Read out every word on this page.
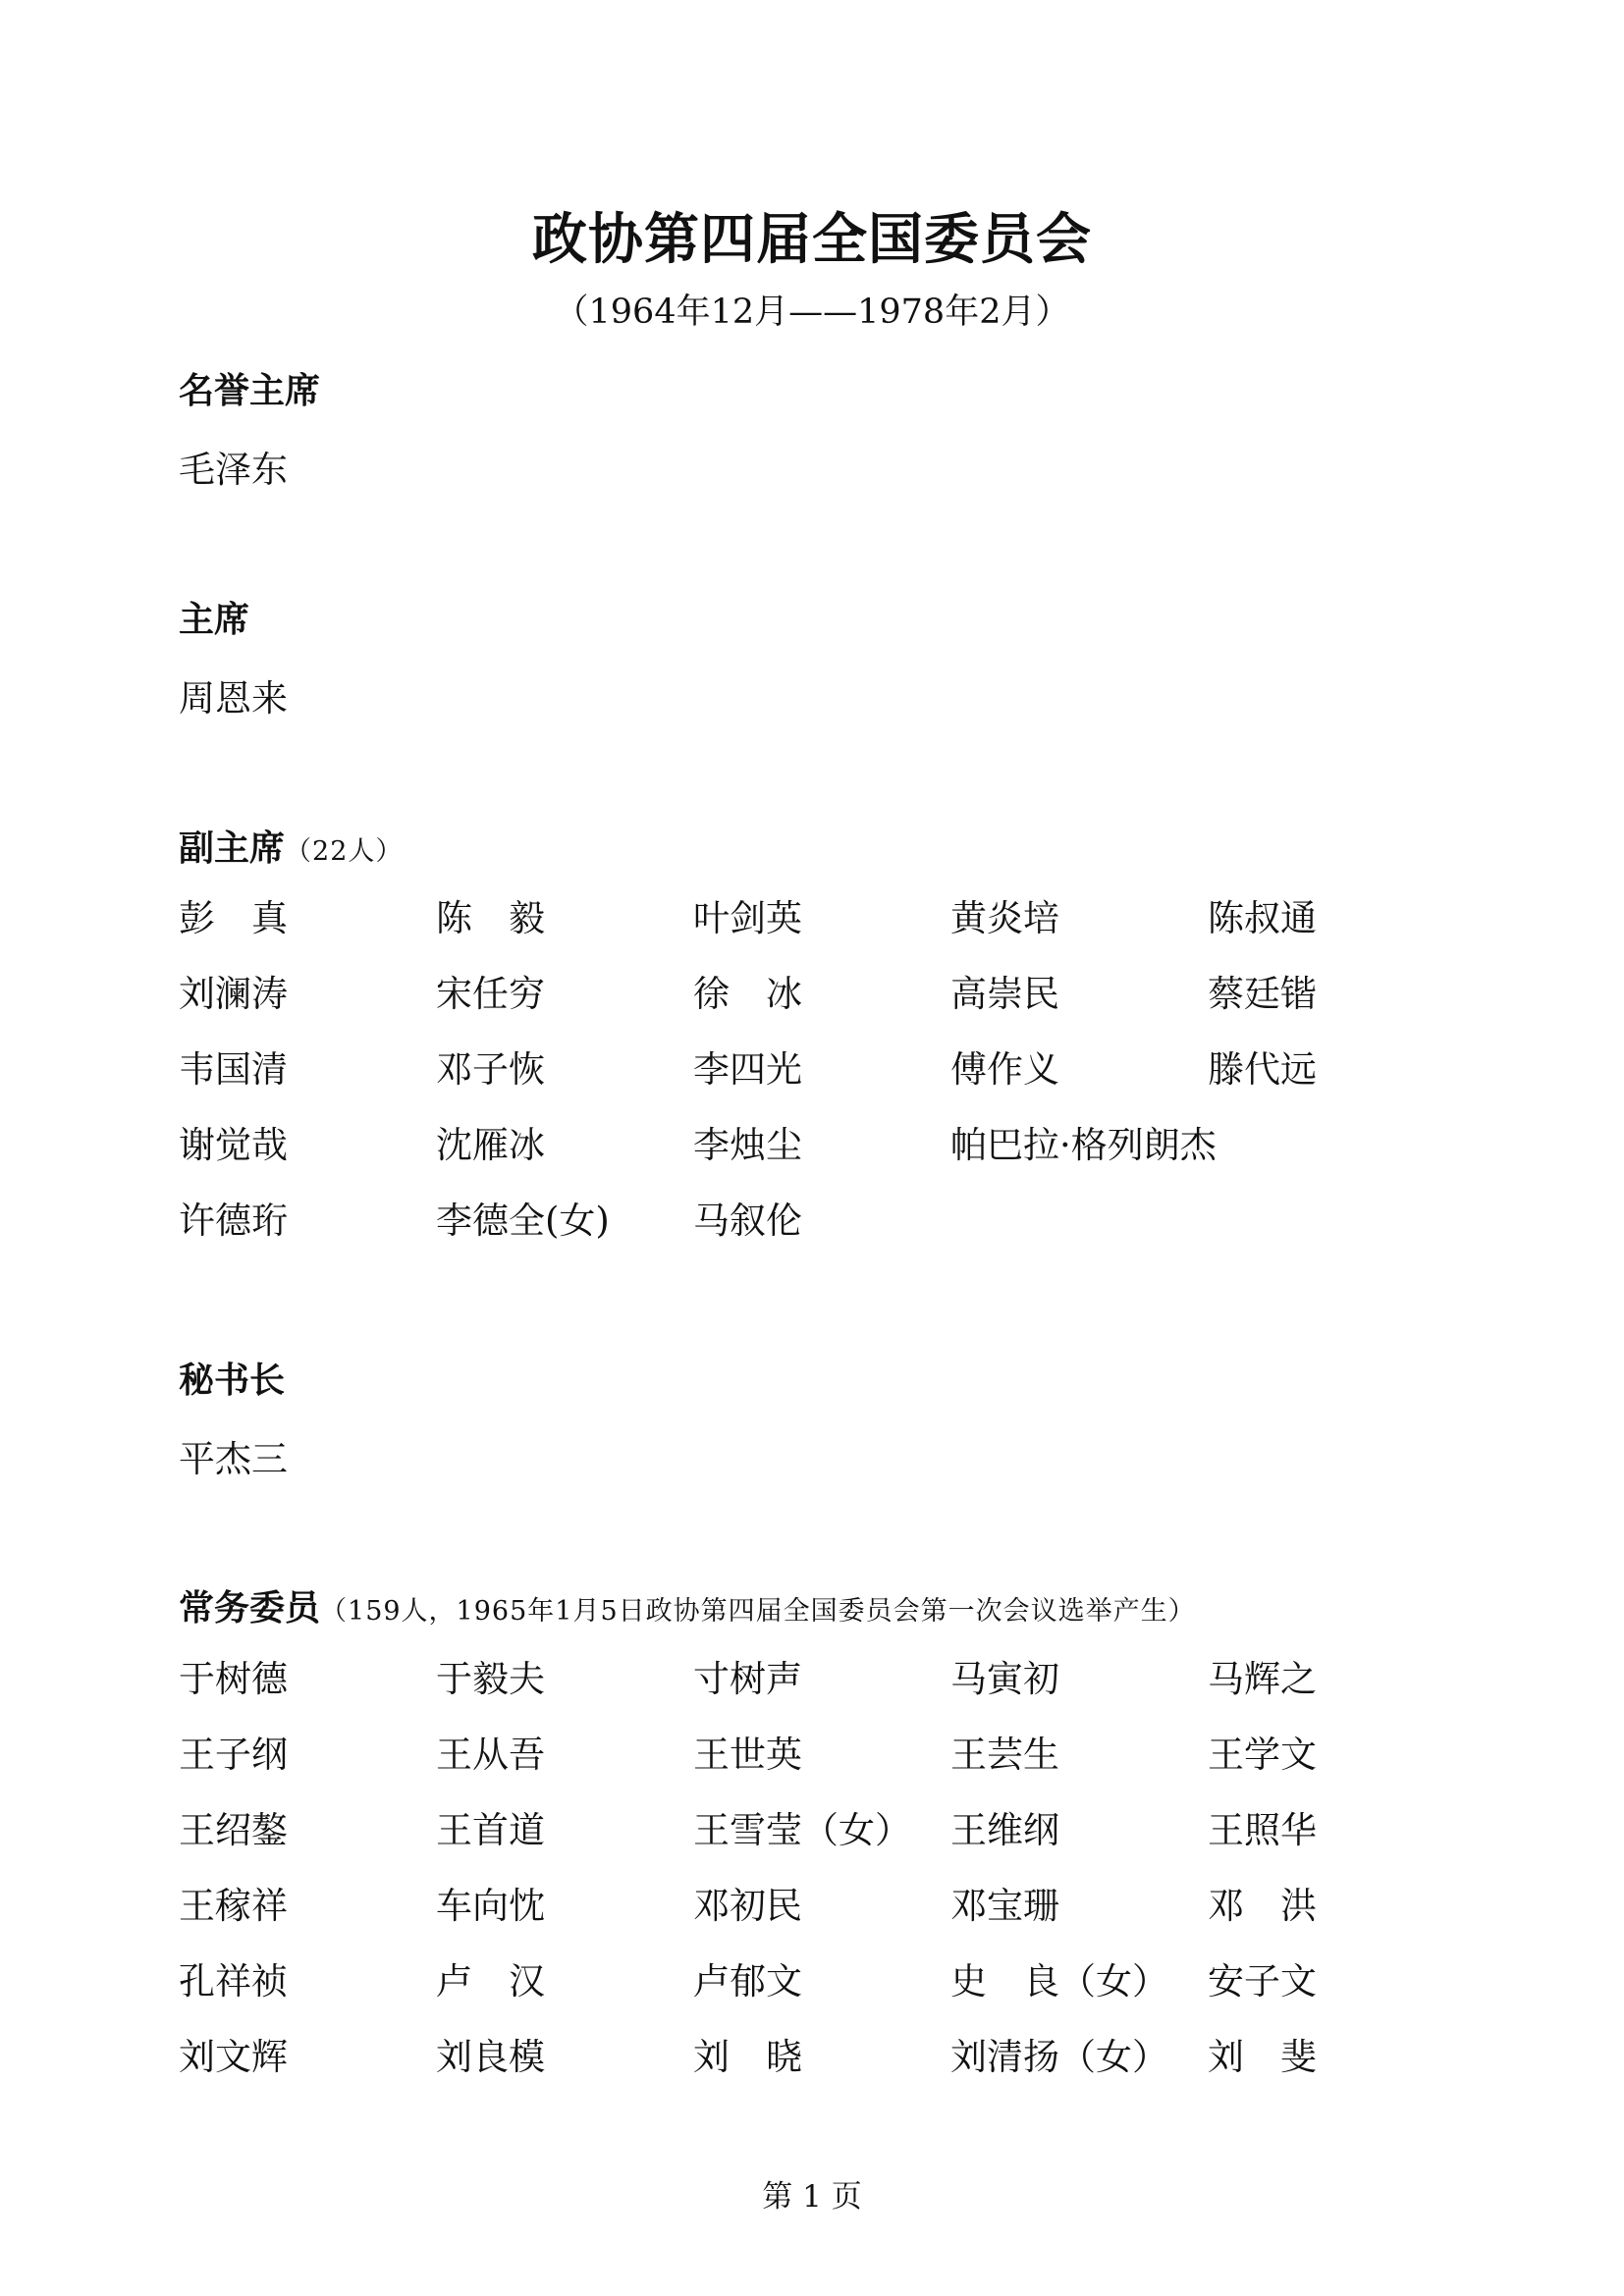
政协第四届全国委员会
（1964年12月——1978年2月）
名誉主席
毛泽东
主席
周恩来
副主席（22人）
彭　真	陈　毅	叶剑英	黄炎培	陈叔通
刘澜涛	宋任穷	徐　冰	高崇民	蔡廷锴
韦国清	邓子恢	李四光	傅作义	滕代远
谢觉哉	沈雁冰	李烛尘	帕巴拉·格列朗杰
许德珩	李德全(女)	马叙伦
秘书长
平杰三
常务委员（159人，1965年1月5日政协第四届全国委员会第一次会议选举产生）
于树德	于毅夫	寸树声	马寅初	马辉之
王子纲	王从吾	王世英	王芸生	王学文
王绍鏊	王首道	王雪莹（女）	王维纲	王照华
王稼祥	车向忱	邓初民	邓宝珊	邓　洪
孔祥祯	卢　汉	卢郁文	史　良（女）	安子文
刘文辉	刘良模	刘　晓	刘清扬（女）	刘　斐
第 1 页
